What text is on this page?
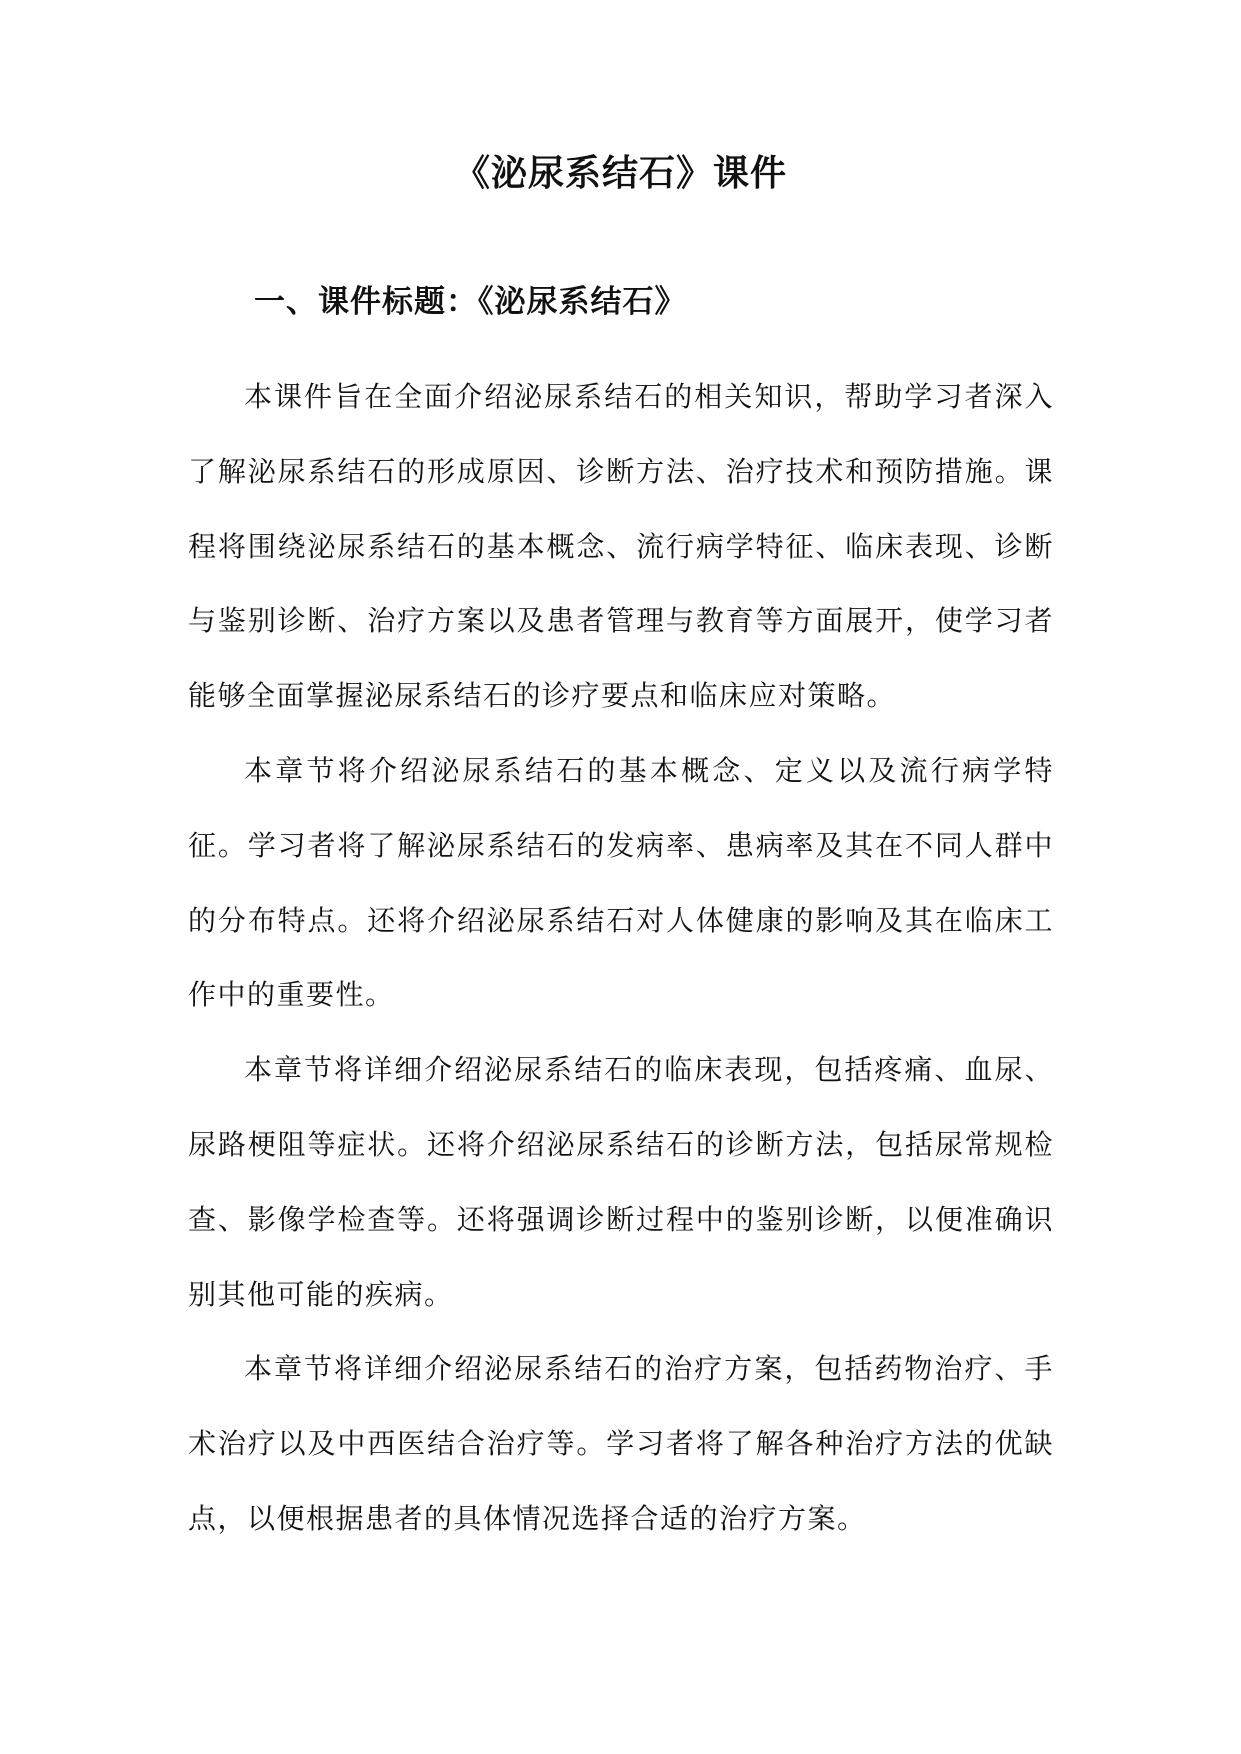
《泌尿系结石》课件
一、课件标题：《泌尿系结石》

本课件旨在全面介绍泌尿系结石的相关知识，帮助学习者深入了解泌尿系结石的形成原因、诊断方法、治疗技术和预防措施。课程将围绕泌尿系结石的基本概念、流行病学特征、临床表现、诊断与鉴别诊断、治疗方案以及患者管理与教育等方面展开，使学习者能够全面掌握泌尿系结石的诊疗要点和临床应对策略。

本章节将介绍泌尿系结石的基本概念、定义以及流行病学特征。学习者将了解泌尿系结石的发病率、患病率及其在不同人群中的分布特点。还将介绍泌尿系结石对人体健康的影响及其在临床工作中的重要性。

本章节将详细介绍泌尿系结石的临床表现，包括疼痛、血尿、尿路梗阻等症状。还将介绍泌尿系结石的诊断方法，包括尿常规检查、影像学检查等。还将强调诊断过程中的鉴别诊断，以便准确识别其他可能的疾病。

本章节将详细介绍泌尿系结石的治疗方案，包括药物治疗、手术治疗以及中西医结合治疗等。学习者将了解各种治疗方法的优缺点，以便根据患者的具体情况选择合适的治疗方案。
